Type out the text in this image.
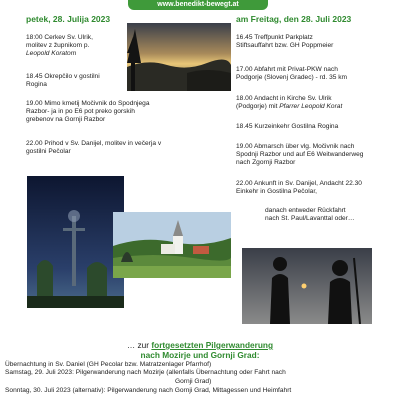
www.benedikt-bewegt.at
petek, 28. Julija 2023	am Freitag, den 28. Juli 2023
18:00 Cerkev Sv. Ulrik,
molitev z župnikom p.
Leopold Koratom
18.45 Okrepčilo v gostilni
Rogina
19.00 Mimo kmetij Močivnik do Spodnjega
Razbor- ja in po E6 pot preko gorskih
grebenov na Gornji Razbor
22.00 Prihod v Sv. Danijel, molitev in večerja v
gostilni Pečolar
16.45 Treffpunkt Parkplatz
Stiftsauffahrt bzw. GH Poppmeier
17.00 Abfahrt mit Privat-PKW nach
Podgorje (Slovenj Gradec) - rd. 35 km
18.00 Andacht in Kirche Sv. Ulrik
(Podgorje) mit Pfarrer Leopold Korat
18.45 Kurzeinkehr Gostilna Rogina
19.00 Abmarsch über vlg. Močivnik nach
Spodnji Razbor und auf E6 Weitwanderweg
nach Zgornji Razbor
22.00 Ankunft in Sv. Danijel, Andacht 22.30
Einkehr in Gostilna Pečolar,
danach entweder Rückfahrt
nach St. Paul/Lavanttal oder…
… zur fortgesetzten Pilgerwanderung
nach Mozirje und Gornji Grad:
Übernachtung in Sv. Daniel (GH Pecolar bzw. Matratzenlager Pfarrhof)
Samstag, 29. Juli 2023: Pilgerwanderung nach Mozirje (allenfalls Übernachtung oder Fahrt nach
Gornji Grad)
Sonntag, 30. Juli 2023 (alternativ): Pilgerwanderung nach Gornji Grad, Mittagessen und Heimfahrt
